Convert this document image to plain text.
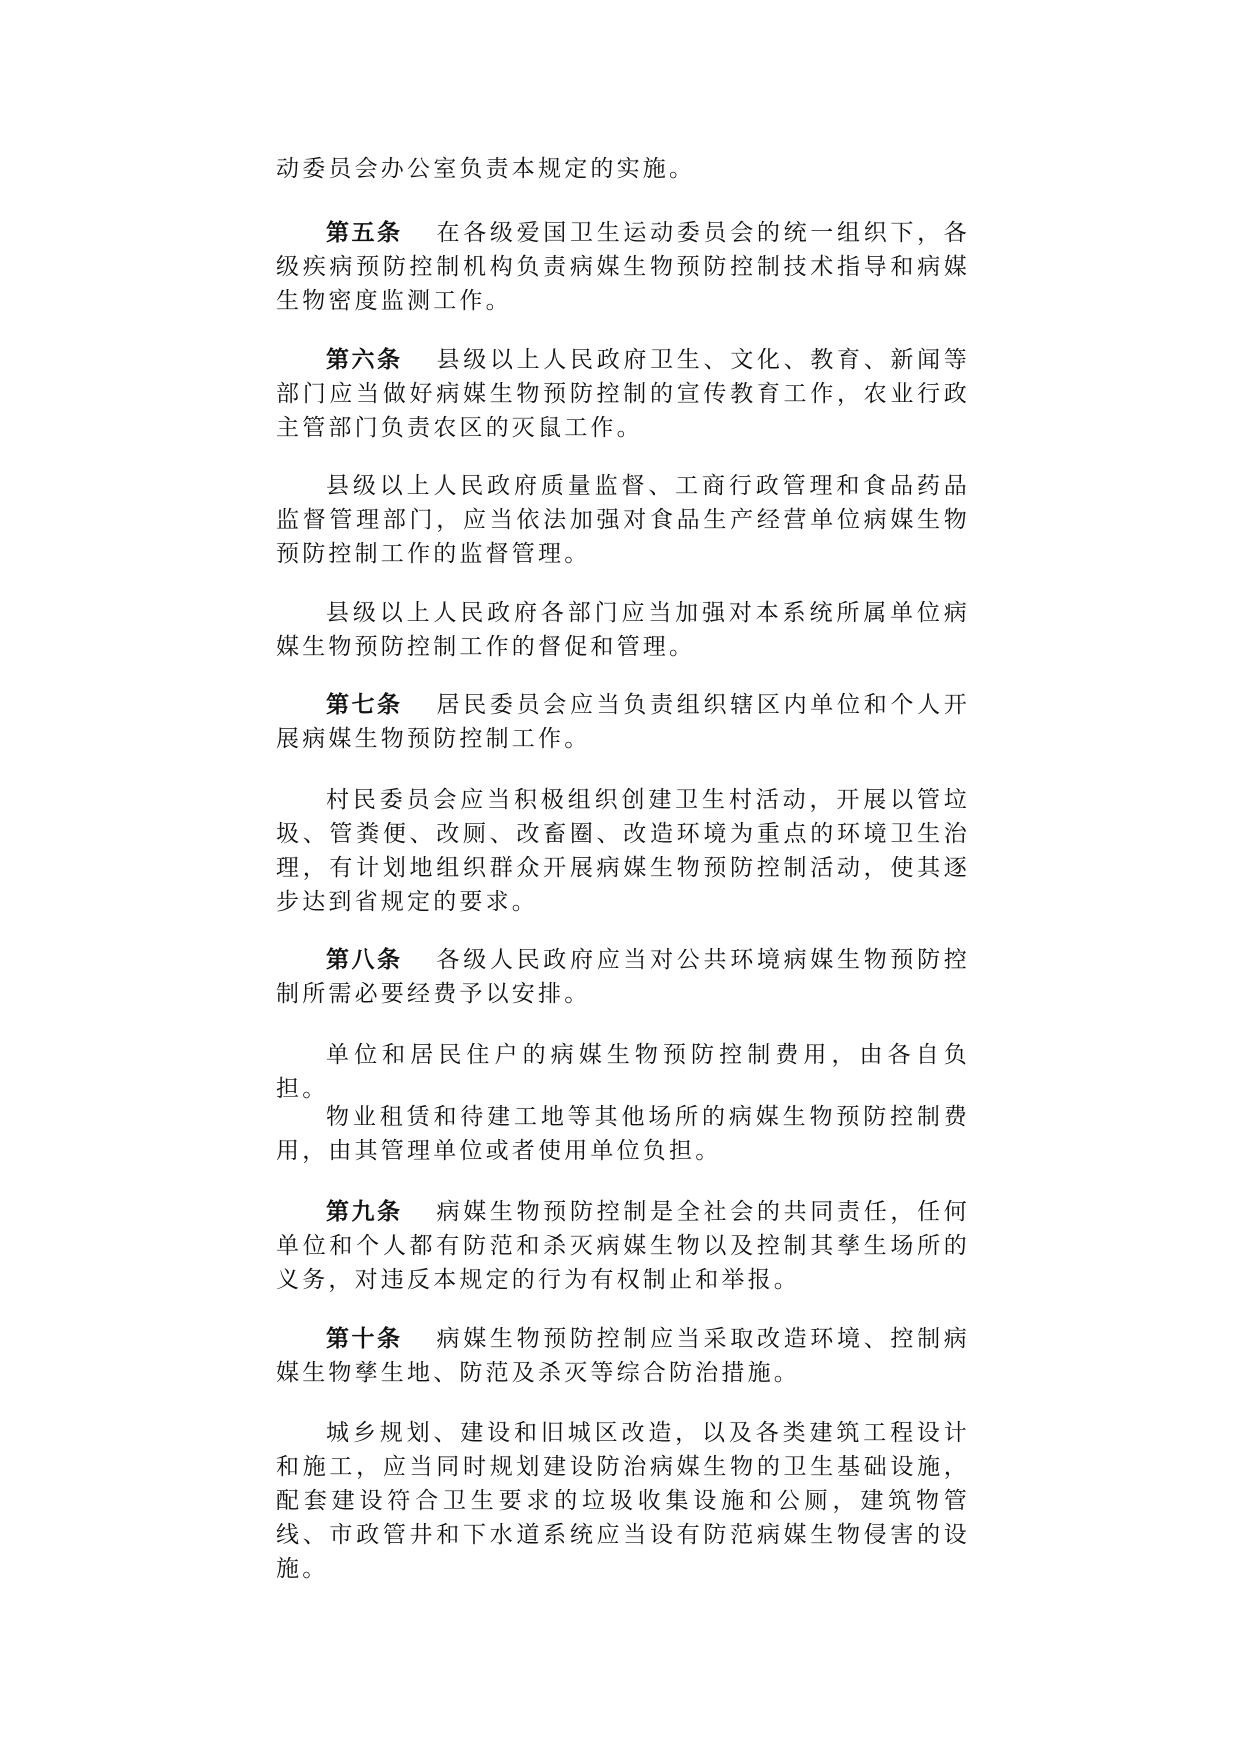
动委员会办公室负责本规定的实施。

第五条 在各级爱国卫生运动委员会的统一组织下，各级疾病预防控制机构负责病媒生物预防控制技术指导和病媒生物密度监测工作。

第六条 县级以上人民政府卫生、文化、教育、新闻等部门应当做好病媒生物预防控制的宣传教育工作，农业行政主管部门负责农区的灭鼠工作。

县级以上人民政府质量监督、工商行政管理和食品药品监督管理部门，应当依法加强对食品生产经营单位病媒生物预防控制工作的监督管理。

县级以上人民政府各部门应当加强对本系统所属单位病媒生物预防控制工作的督促和管理。

第七条 居民委员会应当负责组织辖区内单位和个人开展病媒生物预防控制工作。

村民委员会应当积极组织创建卫生村活动，开展以管垃圾、管粪便、改厕、改畜圈、改造环境为重点的环境卫生治理，有计划地组织群众开展病媒生物预防控制活动，使其逐步达到省规定的要求。

第八条 各级人民政府应当对公共环境病媒生物预防控制所需必要经费予以安排。

单位和居民住户的病媒生物预防控制费用，由各自负担。

物业租赁和待建工地等其他场所的病媒生物预防控制费用，由其管理单位或者使用单位负担。

第九条 病媒生物预防控制是全社会的共同责任，任何单位和个人都有防范和杀灭病媒生物以及控制其孳生场所的义务，对违反本规定的行为有权制止和举报。

第十条 病媒生物预防控制应当采取改造环境、控制病媒生物孳生地、防范及杀灭等综合防治措施。

城乡规划、建设和旧城区改造，以及各类建筑工程设计和施工，应当同时规划建设防治病媒生物的卫生基础设施，配套建设符合卫生要求的垃圾收集设施和公厕，建筑物管线、市政管井和下水道系统应当设有防范病媒生物侵害的设施。
